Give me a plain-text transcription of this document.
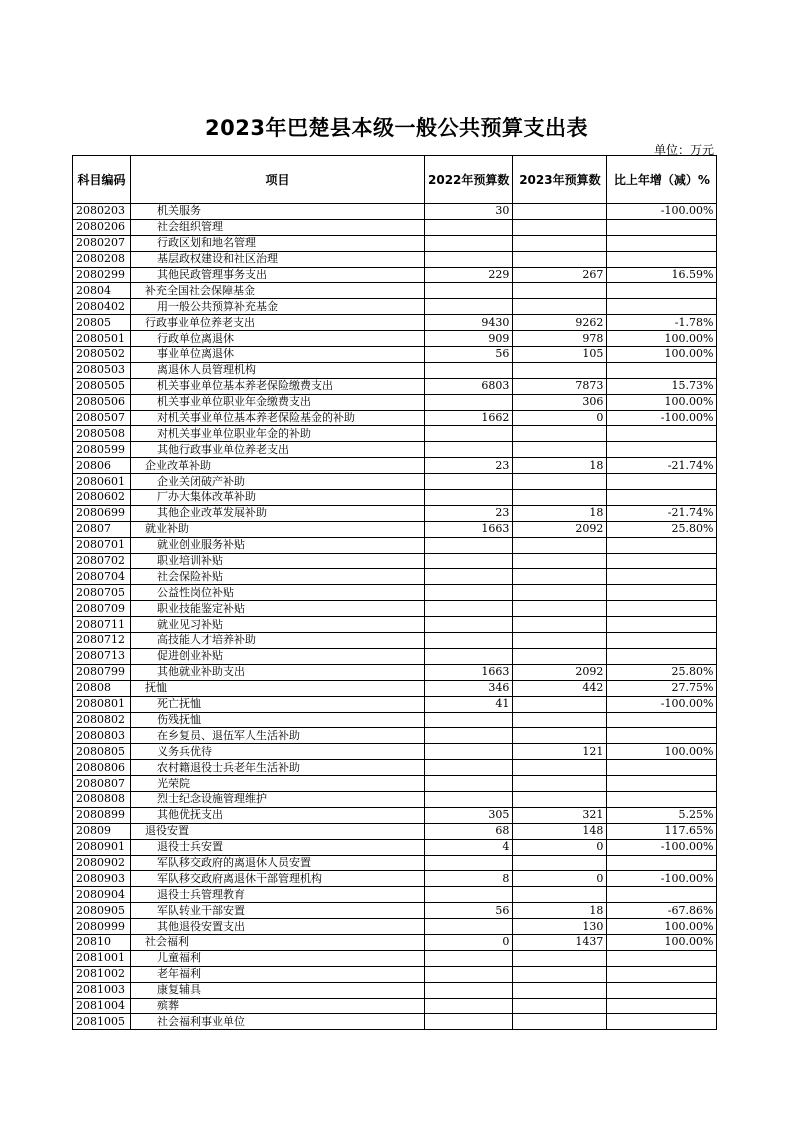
2023年巴楚县本级一般公共预算支出表
单位：万元
科目编码	项目	2022年预算数	2023年预算数	比上年增（减）%
2080203	机关服务	30		-100.00%
2080206	社会组织管理			
2080207	行政区划和地名管理			
2080208	基层政权建设和社区治理			
2080299	其他民政管理事务支出	229	267	16.59%
20804	补充全国社会保障基金			
2080402	用一般公共预算补充基金			
20805	行政事业单位养老支出	9430	9262	-1.78%
2080501	行政单位离退休	909	978	100.00%
2080502	事业单位离退休	56	105	100.00%
2080503	离退休人员管理机构			
2080505	机关事业单位基本养老保险缴费支出	6803	7873	15.73%
2080506	机关事业单位职业年金缴费支出		306	100.00%
2080507	对机关事业单位基本养老保险基金的补助	1662	0	-100.00%
2080508	对机关事业单位职业年金的补助			
2080599	其他行政事业单位养老支出			
20806	企业改革补助	23	18	-21.74%
2080601	企业关闭破产补助			
2080602	厂办大集体改革补助			
2080699	其他企业改革发展补助	23	18	-21.74%
20807	就业补助	1663	2092	25.80%
2080701	就业创业服务补贴			
2080702	职业培训补贴			
2080704	社会保险补贴			
2080705	公益性岗位补贴			
2080709	职业技能鉴定补贴			
2080711	就业见习补贴			
2080712	高技能人才培养补助			
2080713	促进创业补贴			
2080799	其他就业补助支出	1663	2092	25.80%
20808	抚恤	346	442	27.75%
2080801	死亡抚恤	41		-100.00%
2080802	伤残抚恤			
2080803	在乡复员、退伍军人生活补助			
2080805	义务兵优待		121	100.00%
2080806	农村籍退役士兵老年生活补助			
2080807	光荣院			
2080808	烈士纪念设施管理维护			
2080899	其他优抚支出	305	321	5.25%
20809	退役安置	68	148	117.65%
2080901	退役士兵安置	4	0	-100.00%
2080902	军队移交政府的离退休人员安置			
2080903	军队移交政府离退休干部管理机构	8	0	-100.00%
2080904	退役士兵管理教育			
2080905	军队转业干部安置	56	18	-67.86%
2080999	其他退役安置支出		130	100.00%
20810	社会福利	0	1437	100.00%
2081001	儿童福利			
2081002	老年福利			
2081003	康复辅具			
2081004	殡葬			
2081005	社会福利事业单位			
